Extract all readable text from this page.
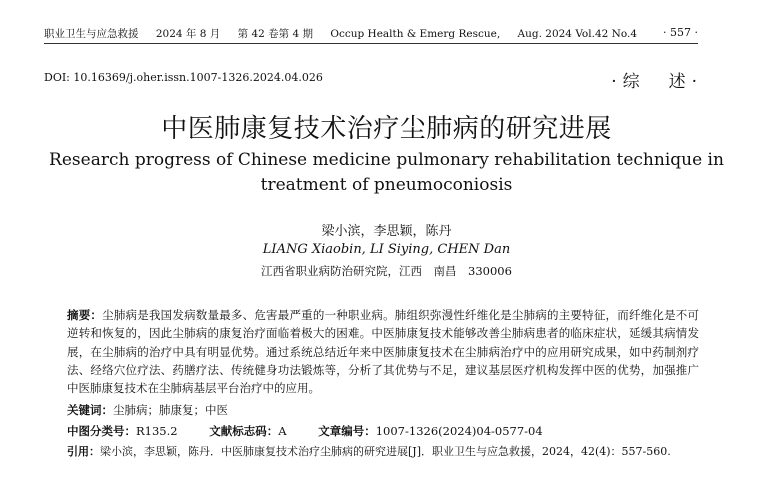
职业卫生与应急救援 2024 年 8 月 第 42 卷第 4 期 Occup Health & Emerg Rescue, Aug. 2024 Vol.42 No.4	· 557 ·
DOI: 10.16369/j.oher.issn.1007-1326.2024.04.026	·综　述·
中医肺康复技术治疗尘肺病的研究进展
Research progress of Chinese medicine pulmonary rehabilitation technique in treatment of pneumoconiosis
梁小滨，李思颖，陈丹
LIANG Xiaobin, LI Siying, CHEN Dan
江西省职业病防治研究院，江西　南昌　330006
摘要：尘肺病是我国发病数量最多、危害最严重的一种职业病。肺组织弥漫性纤维化是尘肺病的主要特征，而纤维化是不可逆转和恢复的，因此尘肺病的康复治疗面临着极大的困难。中医肺康复技术能够改善尘肺病患者的临床症状，延缓其病情发展，在尘肺病的治疗中具有明显优势。通过系统总结近年来中医肺康复技术在尘肺病治疗中的应用研究成果，如中药制剂疗法、经络穴位疗法、药膳疗法、传统健身功法锻炼等，分析了其优势与不足，建议基层医疗机构发挥中医的优势，加强推广中医肺康复技术在尘肺病基层平台治疗中的应用。
关键词：尘肺病；肺康复；中医
中图分类号：R135.2	文献标志码：A	文章编号：1007-1326(2024)04-0577-04
引用：梁小滨，李思颖，陈丹．中医肺康复技术治疗尘肺病的研究进展[J]．职业卫生与应急救援，2024，42(4)：557-560.
